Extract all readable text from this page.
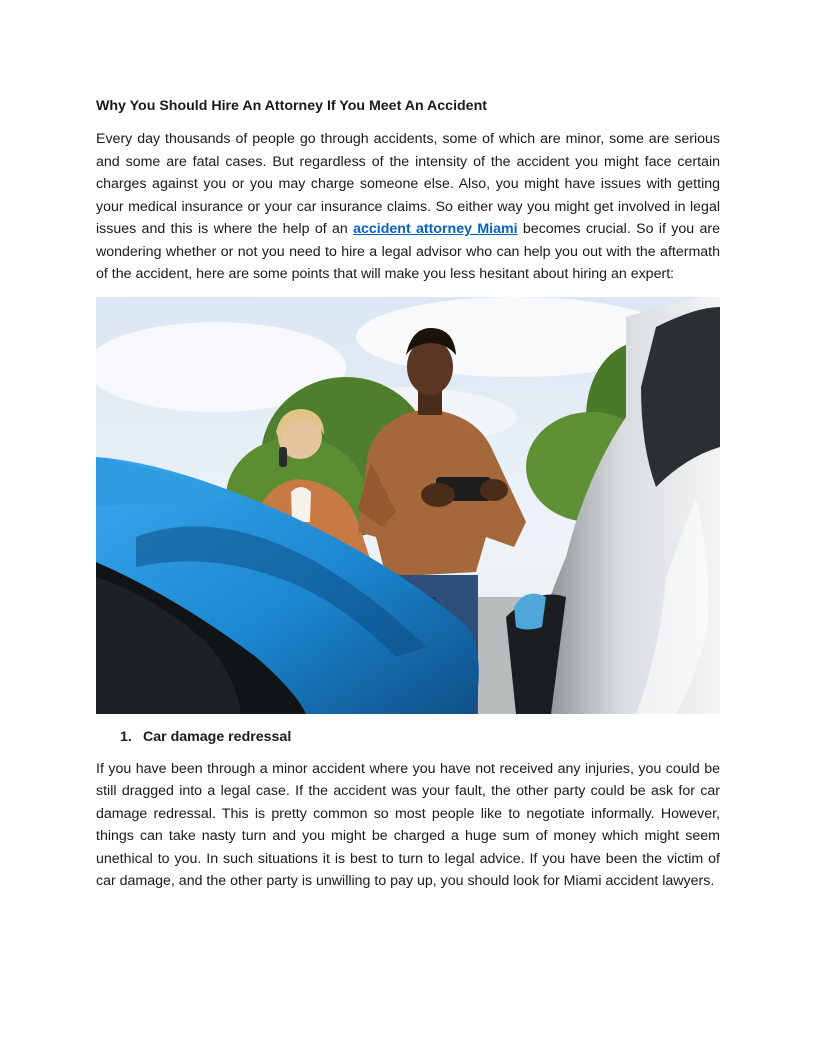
Why You Should Hire An Attorney If You Meet An Accident

Every day thousands of people go through accidents, some of which are minor, some are serious and some are fatal cases. But regardless of the intensity of the accident you might face certain charges against you or you may charge someone else. Also, you might have issues with getting your medical insurance or your car insurance claims. So either way you might get involved in legal issues and this is where the help of an accident attorney Miami becomes crucial. So if you are wondering whether or not you need to hire a legal advisor who can help you out with the aftermath of the accident, here are some points that will make you less hesitant about hiring an expert:

1. Car damage redressal

If you have been through a minor accident where you have not received any injuries, you could be still dragged into a legal case. If the accident was your fault, the other party could be ask for car damage redressal. This is pretty common so most people like to negotiate informally. However, things can take nasty turn and you might be charged a huge sum of money which might seem unethical to you. In such situations it is best to turn to legal advice. If you have been the victim of car damage, and the other party is unwilling to pay up, you should look for Miami accident lawyers.
